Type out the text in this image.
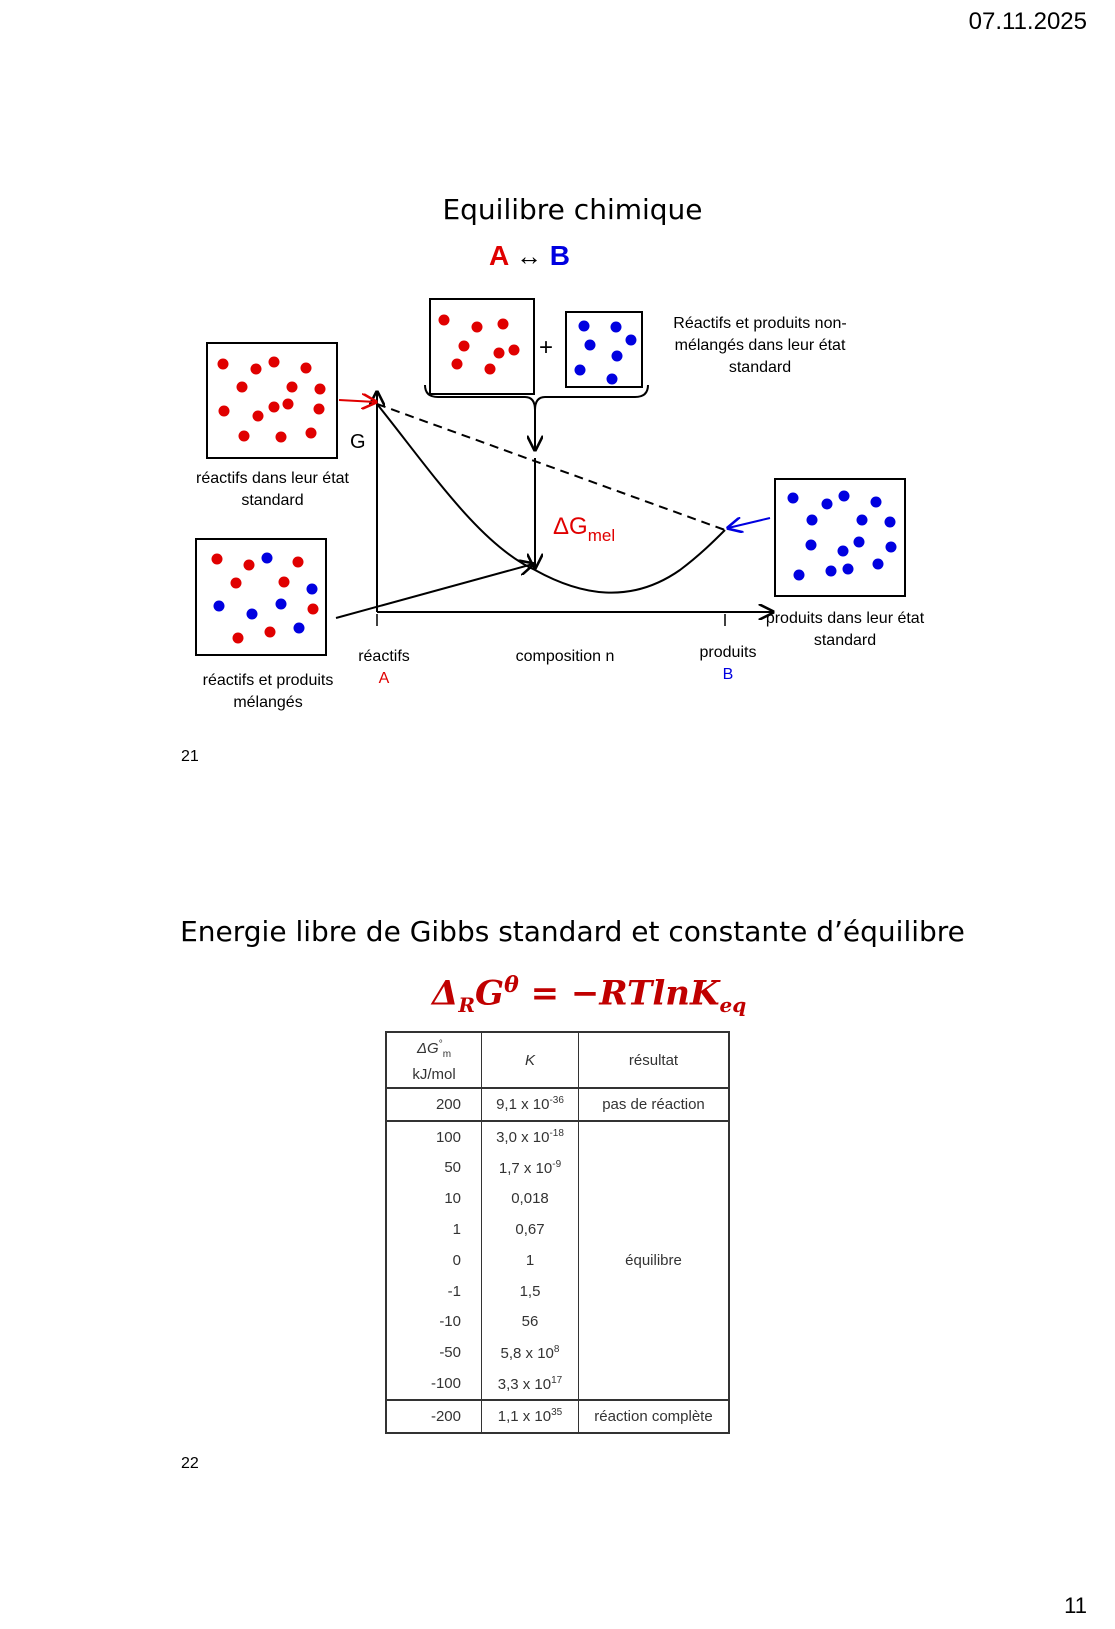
07.11.2025
11
Equilibre chimique
A ↔ B
+
G
$\Delta G_{mel}$
Réactifs et produits non-mélangés dans leur état standard
réactifs dans leur état standard
réactifs et produits mélangés
produits dans leur état standard
réactifs
A
composition n	produits
B
21
Energie libre de Gibbs standard et constante d’équilibre
$\Delta_RG^\theta = -RTlnK_{eq}$
$\Delta G^\circ_m$
kJ/mol	K	résultat
200	9,1 x $10^{-36}$	pas de réaction
100	3,0 x $10^{-18}$	équilibre
50	1,7 x $10^{-9}$
10	0,018	
1	0,67	
0	1	
-1	1,5	
-10	56	
-50	5,8 x $10^8$
-100	3,3 x $10^{17}$
-200	1,1 x $10^{35}$	réaction complète
22
